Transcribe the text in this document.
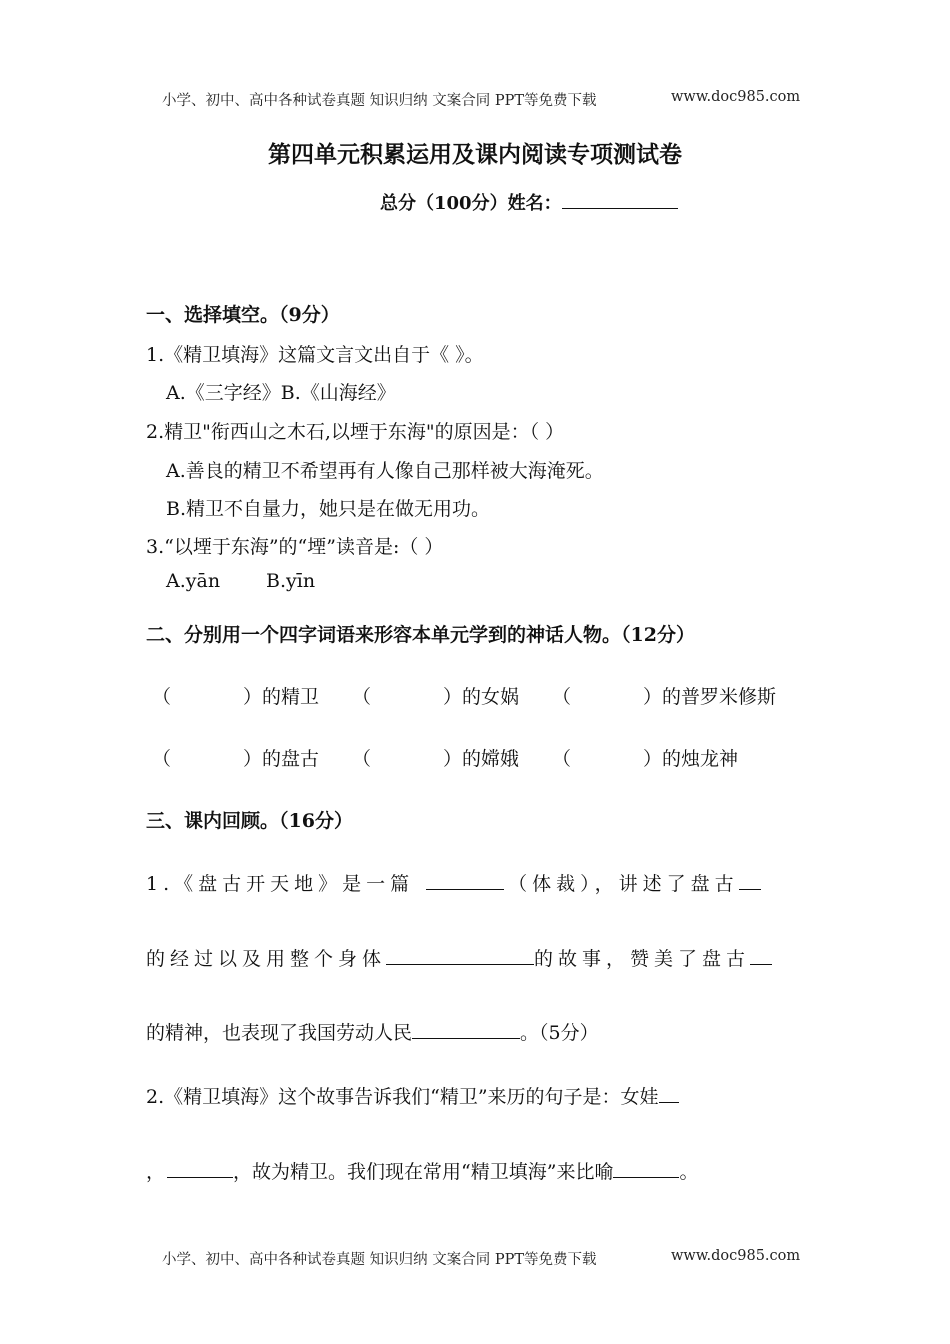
小学、初中、高中各种试卷真题 知识归纳 文案合同 PPT等免费下载	www.doc985.com
第四单元积累运用及课内阅读专项测试卷
总分（100分）姓名：
一、选择填空。（9分）
1.《精卫填海》这篇文言文出自于《 》。
A.《三字经》B.《山海经》
2.精卫"衔西山之木石,以堙于东海"的原因是：（ ）
A.善良的精卫不希望再有人像自己那样被大海淹死。
B.精卫不自量力，她只是在做无用功。
3.“以堙于东海”的“堙”读音是:（ ）
A.yān B.yīn
二、分别用一个四字词语来形容本单元学到的神话人物。（12分）
（	）的精卫 （	）的女娲 （	）的普罗米修斯
（	）的盘古 （	）的嫦娥 （	）的烛龙神
三、课内回顾。（16分）
1.《盘古开天地》是一篇	（体裁），讲述了盘古
的经过以及用整个身体	的故事，赞美了盘古
的精神，也表现了我国劳动人民	。（5分）
2.《精卫填海》这个故事告诉我们“精卫”来历的句子是：女娃
，	，故为精卫。我们现在常用“精卫填海”来比喻	。
小学、初中、高中各种试卷真题 知识归纳 文案合同 PPT等免费下载	www.doc985.com
